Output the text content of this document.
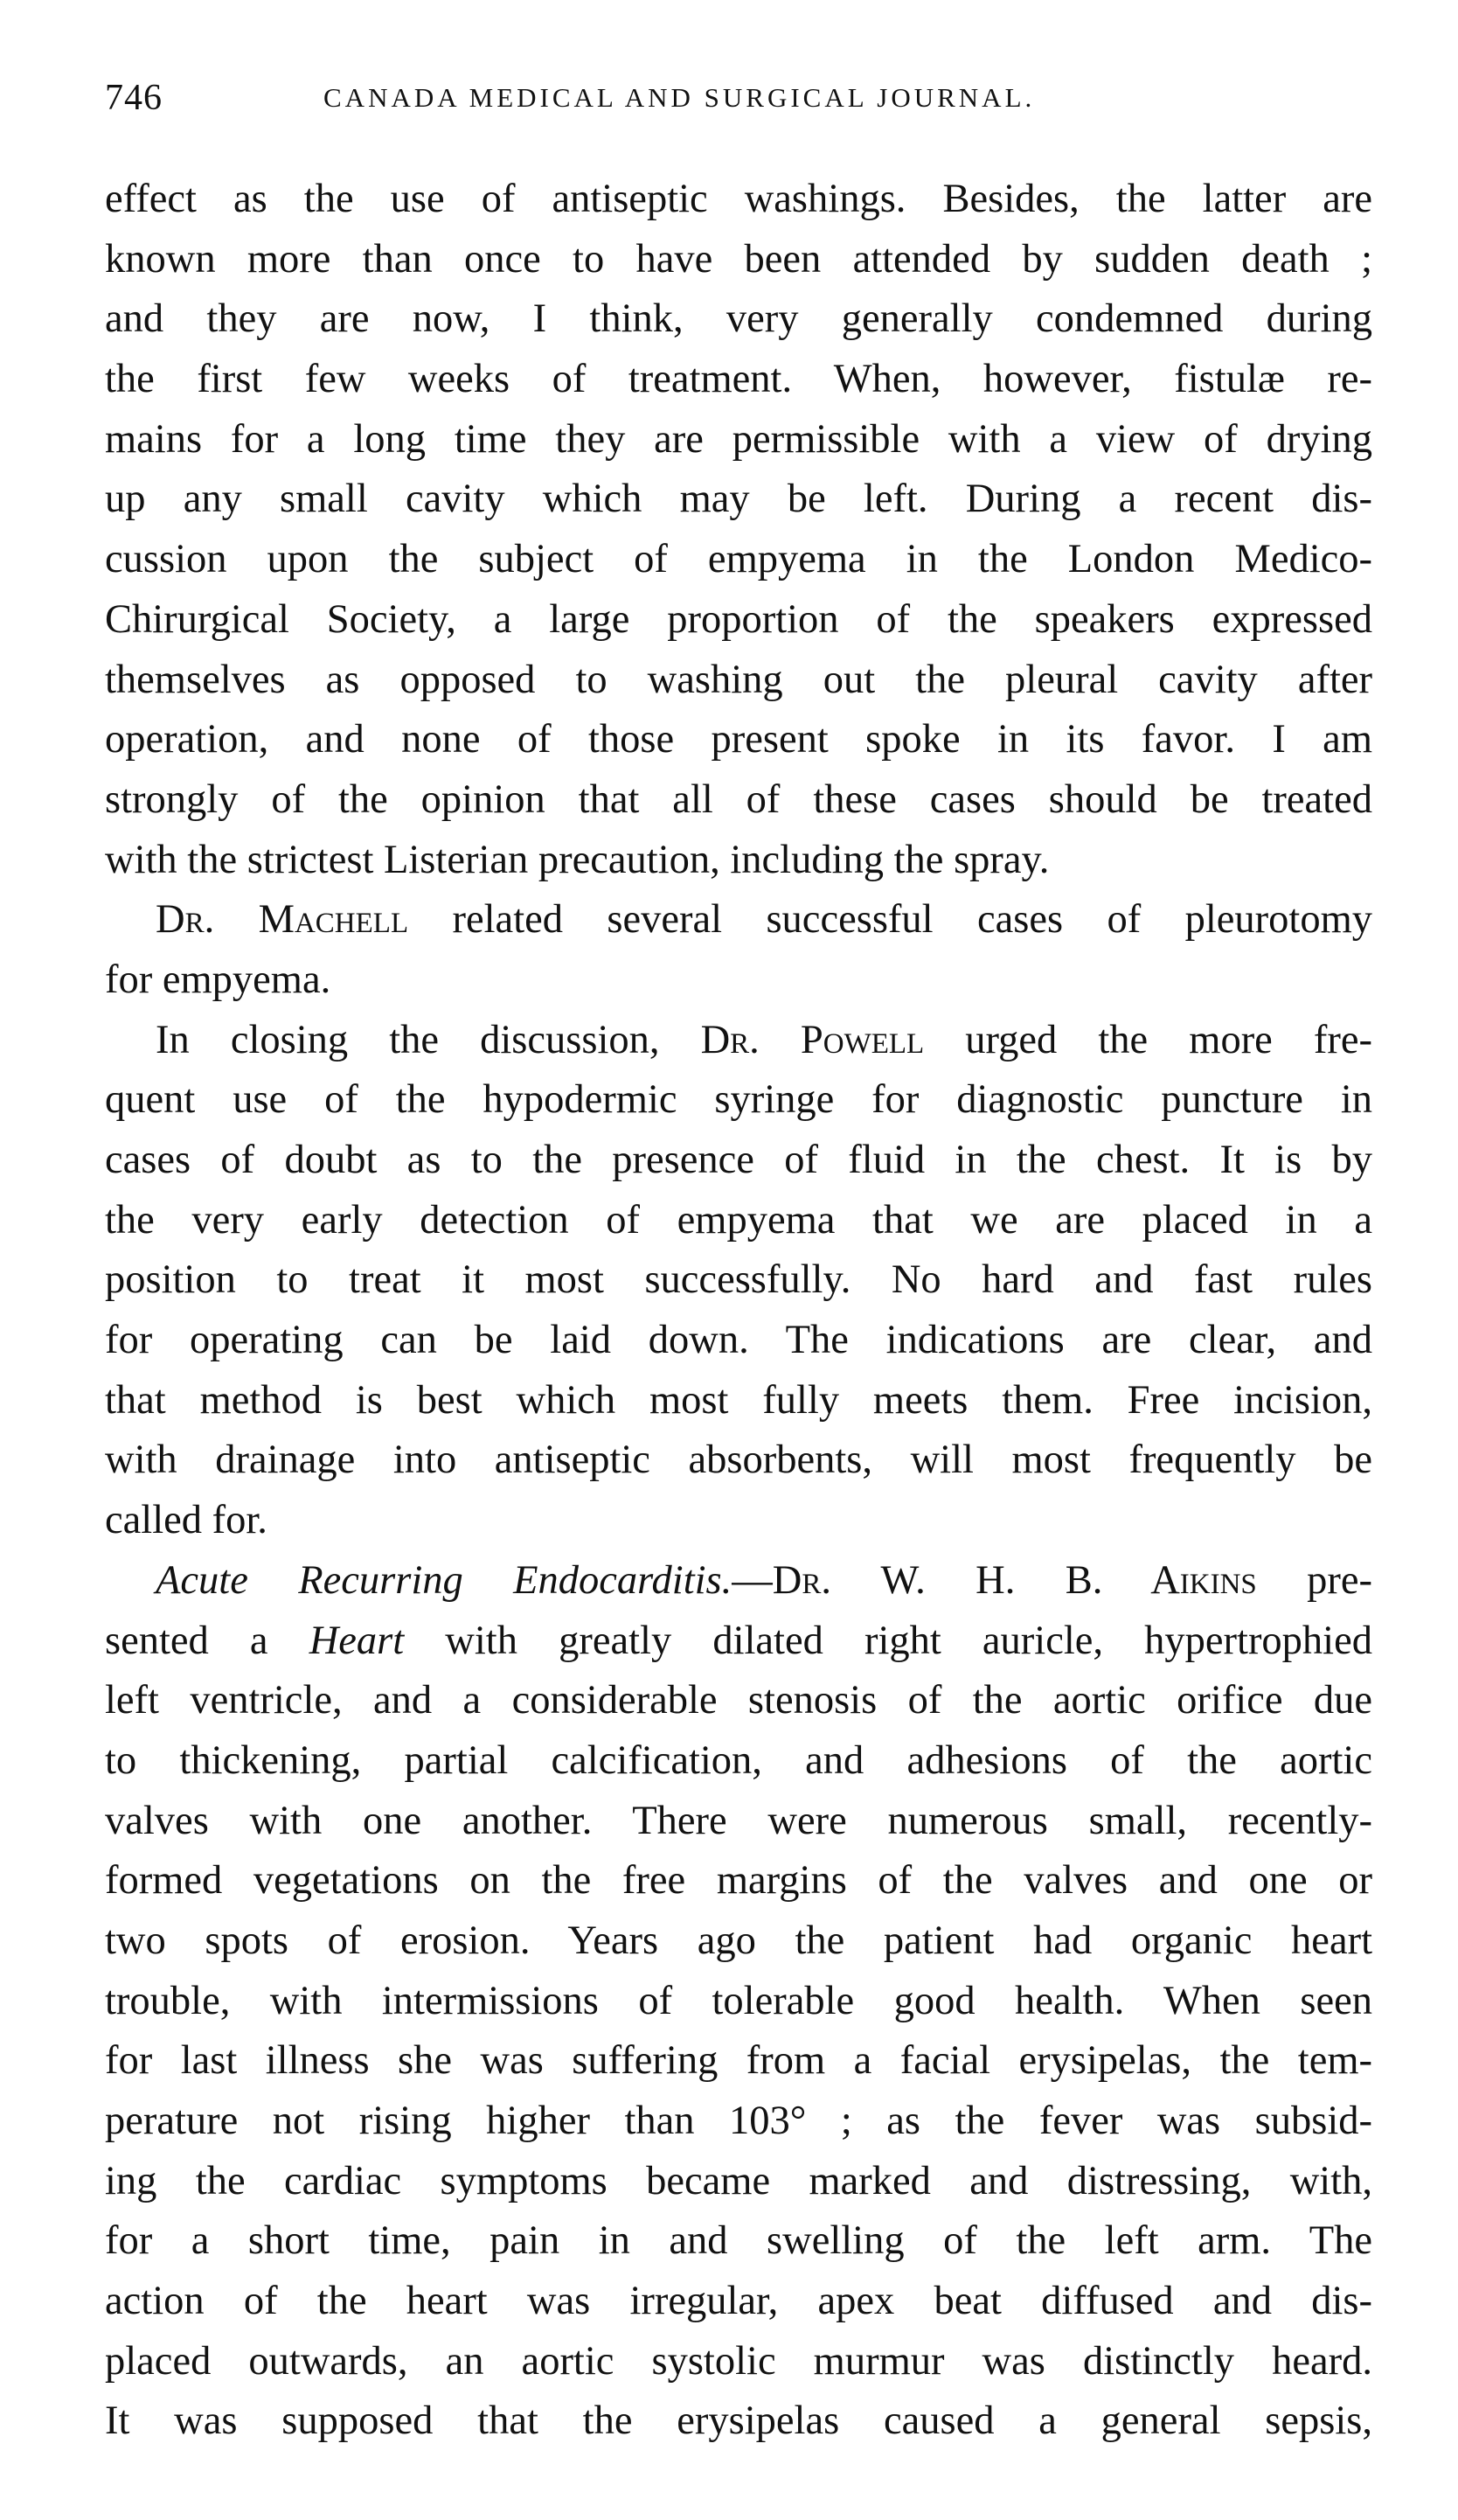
746	CANADA MEDICAL AND SURGICAL JOURNAL.
effect as the use of antiseptic washings. Besides, the latter are
known more than once to have been attended by sudden death ;
and they are now, I think, very generally condemned during
the first few weeks of treatment. When, however, fistulæ re-
mains for a long time they are permissible with a view of drying
up any small cavity which may be left. During a recent dis-
cussion upon the subject of empyema in the London Medico-
Chirurgical Society, a large proportion of the speakers expressed
themselves as opposed to washing out the pleural cavity after
operation, and none of those present spoke in its favor. I am
strongly of the opinion that all of these cases should be treated
with the strictest Listerian precaution, including the spray.
Dr. Machell related several successful cases of pleurotomy
for empyema.
In closing the discussion, Dr. Powell urged the more fre-
quent use of the hypodermic syringe for diagnostic puncture in
cases of doubt as to the presence of fluid in the chest. It is by
the very early detection of empyema that we are placed in a
position to treat it most successfully. No hard and fast rules
for operating can be laid down. The indications are clear, and
that method is best which most fully meets them. Free incision,
with drainage into antiseptic absorbents, will most frequently be
called for.
Acute Recurring Endocarditis.—Dr. W. H. B. Aikins pre-
sented a Heart with greatly dilated right auricle, hypertrophied
left ventricle, and a considerable stenosis of the aortic orifice due
to thickening, partial calcification, and adhesions of the aortic
valves with one another. There were numerous small, recently-
formed vegetations on the free margins of the valves and one or
two spots of erosion. Years ago the patient had organic heart
trouble, with intermissions of tolerable good health. When seen
for last illness she was suffering from a facial erysipelas, the tem-
perature not rising higher than 103° ; as the fever was subsid-
ing the cardiac symptoms became marked and distressing, with,
for a short time, pain in and swelling of the left arm. The
action of the heart was irregular, apex beat diffused and dis-
placed outwards, an aortic systolic murmur was distinctly heard.
It was supposed that the erysipelas caused a general sepsis,
